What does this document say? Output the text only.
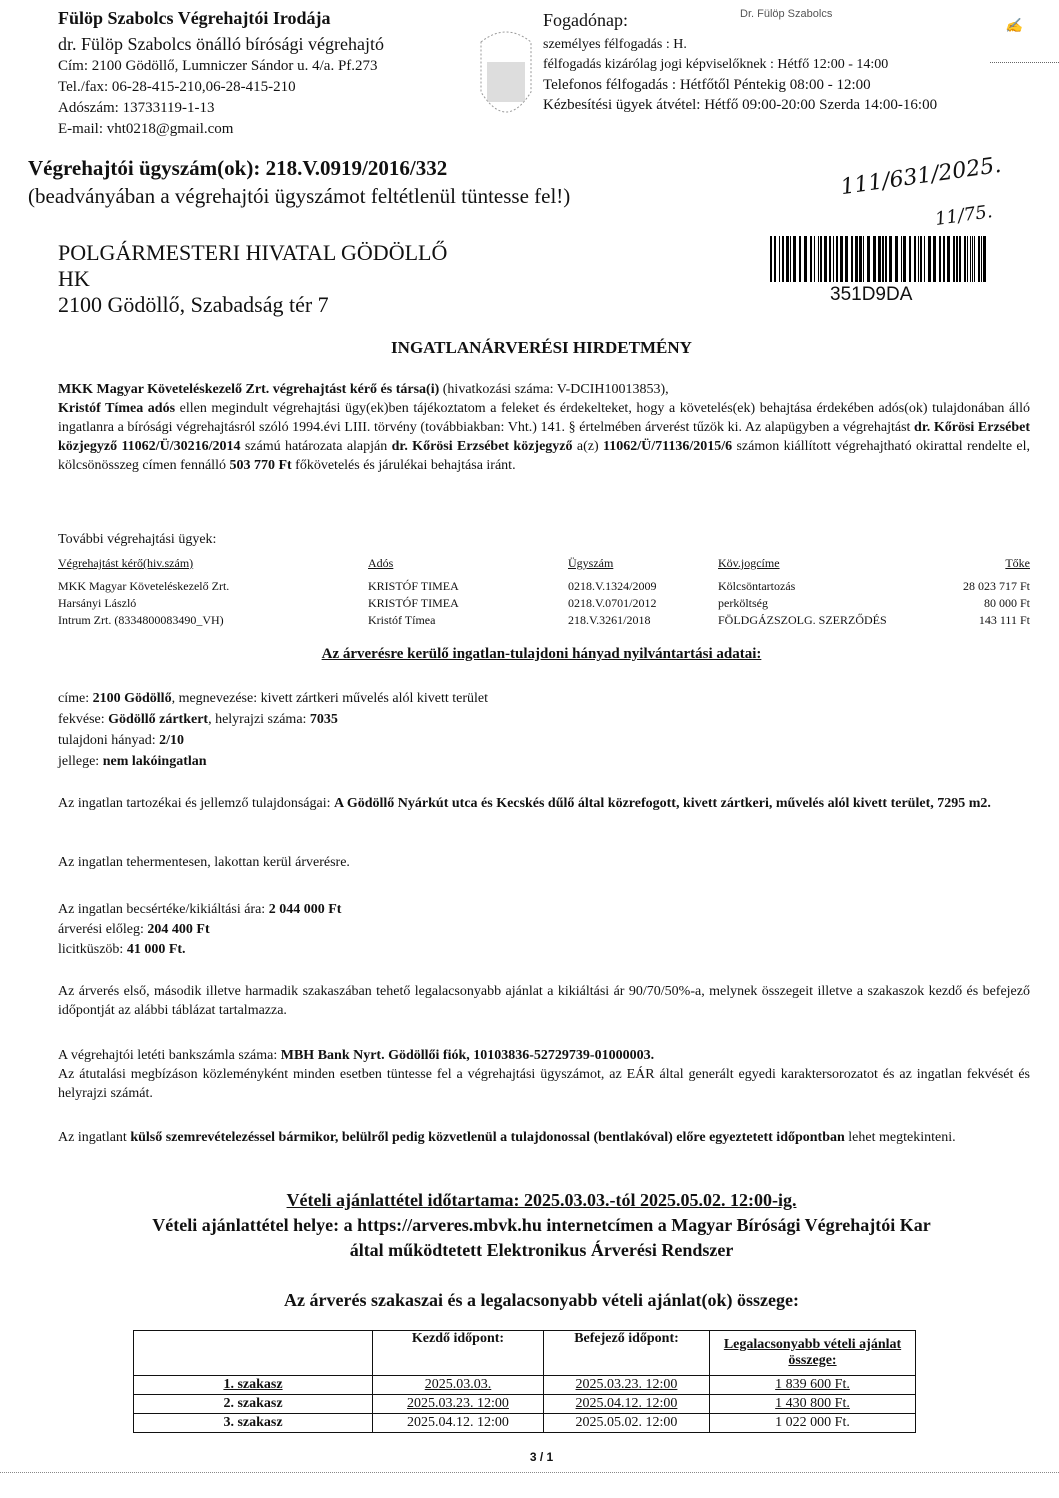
Fülöp Szabolcs Végrehajtói Irodája
dr. Fülöp Szabolcs önálló bírósági végrehajtó
Cím: 2100 Gödöllő, Lumniczer Sándor u. 4/a. Pf.273
Tel./fax: 06-28-415-210,06-28-415-210
Adószám: 13733119-1-13
E-mail: vht0218@gmail.com
Fogadónap:
személyes félfogadás : H.
félfogadás kizárólag jogi képviselőknek : Hétfő 12:00 - 14:00
Telefonos félfogadás : Hétfőtől Péntekig 08:00 - 12:00
Kézbesítési ügyek átvétel: Hétfő 09:00-20:00 Szerda 14:00-16:00
Dr. Fülöp Szabolcs
✍
Végrehajtói ügyszám(ok): 218.V.0919/2016/332
(beadványában a végrehajtói ügyszámot feltétlenül tüntesse fel!)	111/631/2025.
11/75.
POLGÁRMESTERI HIVATAL GÖDÖLLŐ
HK
2100 Gödöllő, Szabadság tér 7	351D9DA
INGATLANÁRVERÉSI HIRDETMÉNY
MKK Magyar Követeléskezelő Zrt. végrehajtást kérő és társa(i) (hivatkozási száma: V-DCIH10013853),
Kristóf Tímea adós ellen megindult végrehajtási ügy(ek)ben tájékoztatom a feleket és érdekelteket, hogy a követelés(ek) behajtása érdekében adós(ok) tulajdonában álló ingatlanra a bírósági végrehajtásról szóló 1994.évi LIII. törvény (továbbiakban: Vht.) 141. § értelmében árverést tűzök ki. Az alapügyben a végrehajtást dr. Kőrösi Erzsébet közjegyző 11062/Ü/30216/2014 számú határozata alapján dr. Kőrösi Erzsébet közjegyző a(z) 11062/Ü/71136/2015/6 számon kiállított végrehajtható okirattal rendelte el, kölcsönösszeg címen fennálló 503 770 Ft főkövetelés és járulékai behajtása iránt.
További végrehajtási ügyek:
Végrehajtást kérő(hiv.szám)	Adós	Ügyszám	Köv.jogcíme	Tőke

MKK Magyar Követeléskezelő Zrt.	KRISTÓF TIMEA	0218.V.1324/2009	Kölcsöntartozás	28 023 717 Ft
Harsányi László	KRISTÓF TIMEA	0218.V.0701/2012	perköltség	80 000 Ft
Intrum Zrt. (8334800083490_VH)	Kristóf Tímea	218.V.3261/2018	FÖLDGÁZSZOLG. SZERZŐDÉS	143 111 Ft
Az árverésre kerülő ingatlan-tulajdoni hányad nyilvántartási adatai:
címe: 2100 Gödöllő, megnevezése: kivett zártkeri művelés alól kivett terület
fekvése: Gödöllő zártkert, helyrajzi száma: 7035
tulajdoni hányad: 2/10
jellege: nem lakóingatlan
Az ingatlan tartozékai és jellemző tulajdonságai: A Gödöllő Nyárkút utca és Kecskés dűlő által közrefogott, kivett zártkeri, művelés alól kivett terület, 7295 m2.
Az ingatlan tehermentesen, lakottan kerül árverésre.
Az ingatlan becsértéke/kikiáltási ára: 2 044 000 Ft
árverési előleg: 204 400 Ft
licitküszöb: 41 000 Ft.
Az árverés első, második illetve harmadik szakaszában tehető legalacsonyabb ajánlat a kikiáltási ár 90/70/50%-a, melynek összegeit illetve a szakaszok kezdő és befejező időpontját az alábbi táblázat tartalmazza.
A végrehajtói letéti bankszámla száma: MBH Bank Nyrt. Gödöllői fiók, 10103836-52729739-01000003.
Az átutalási megbízáson közleményként minden esetben tüntesse fel a végrehajtási ügyszámot, az EÁR által generált egyedi karaktersorozatot és az ingatlan fekvését és helyrajzi számát.
Az ingatlant külső szemrevételezéssel bármikor, belülről pedig közvetlenül a tulajdonossal (bentlakóval) előre egyeztetett időpontban lehet megtekinteni.
Vételi ajánlattétel időtartama: 2025.03.03.-tól 2025.05.02. 12:00-ig.
Vételi ajánlattétel helye: a https://arveres.mbvk.hu internetcímen a Magyar Bírósági Végrehajtói Kar
által működtetett Elektronikus Árverési Rendszer
Az árverés szakaszai és a legalacsonyabb vételi ajánlat(ok) összege:
	Kezdő időpont:	Befejező időpont:	Legalacsonyabb vételi ajánlat összege:
1. szakasz	2025.03.03.	2025.03.23. 12:00	1 839 600 Ft.
2. szakasz	2025.03.23. 12:00	2025.04.12. 12:00	1 430 800 Ft.
3. szakasz	2025.04.12. 12:00	2025.05.02. 12:00	1 022 000 Ft.
3 / 1
